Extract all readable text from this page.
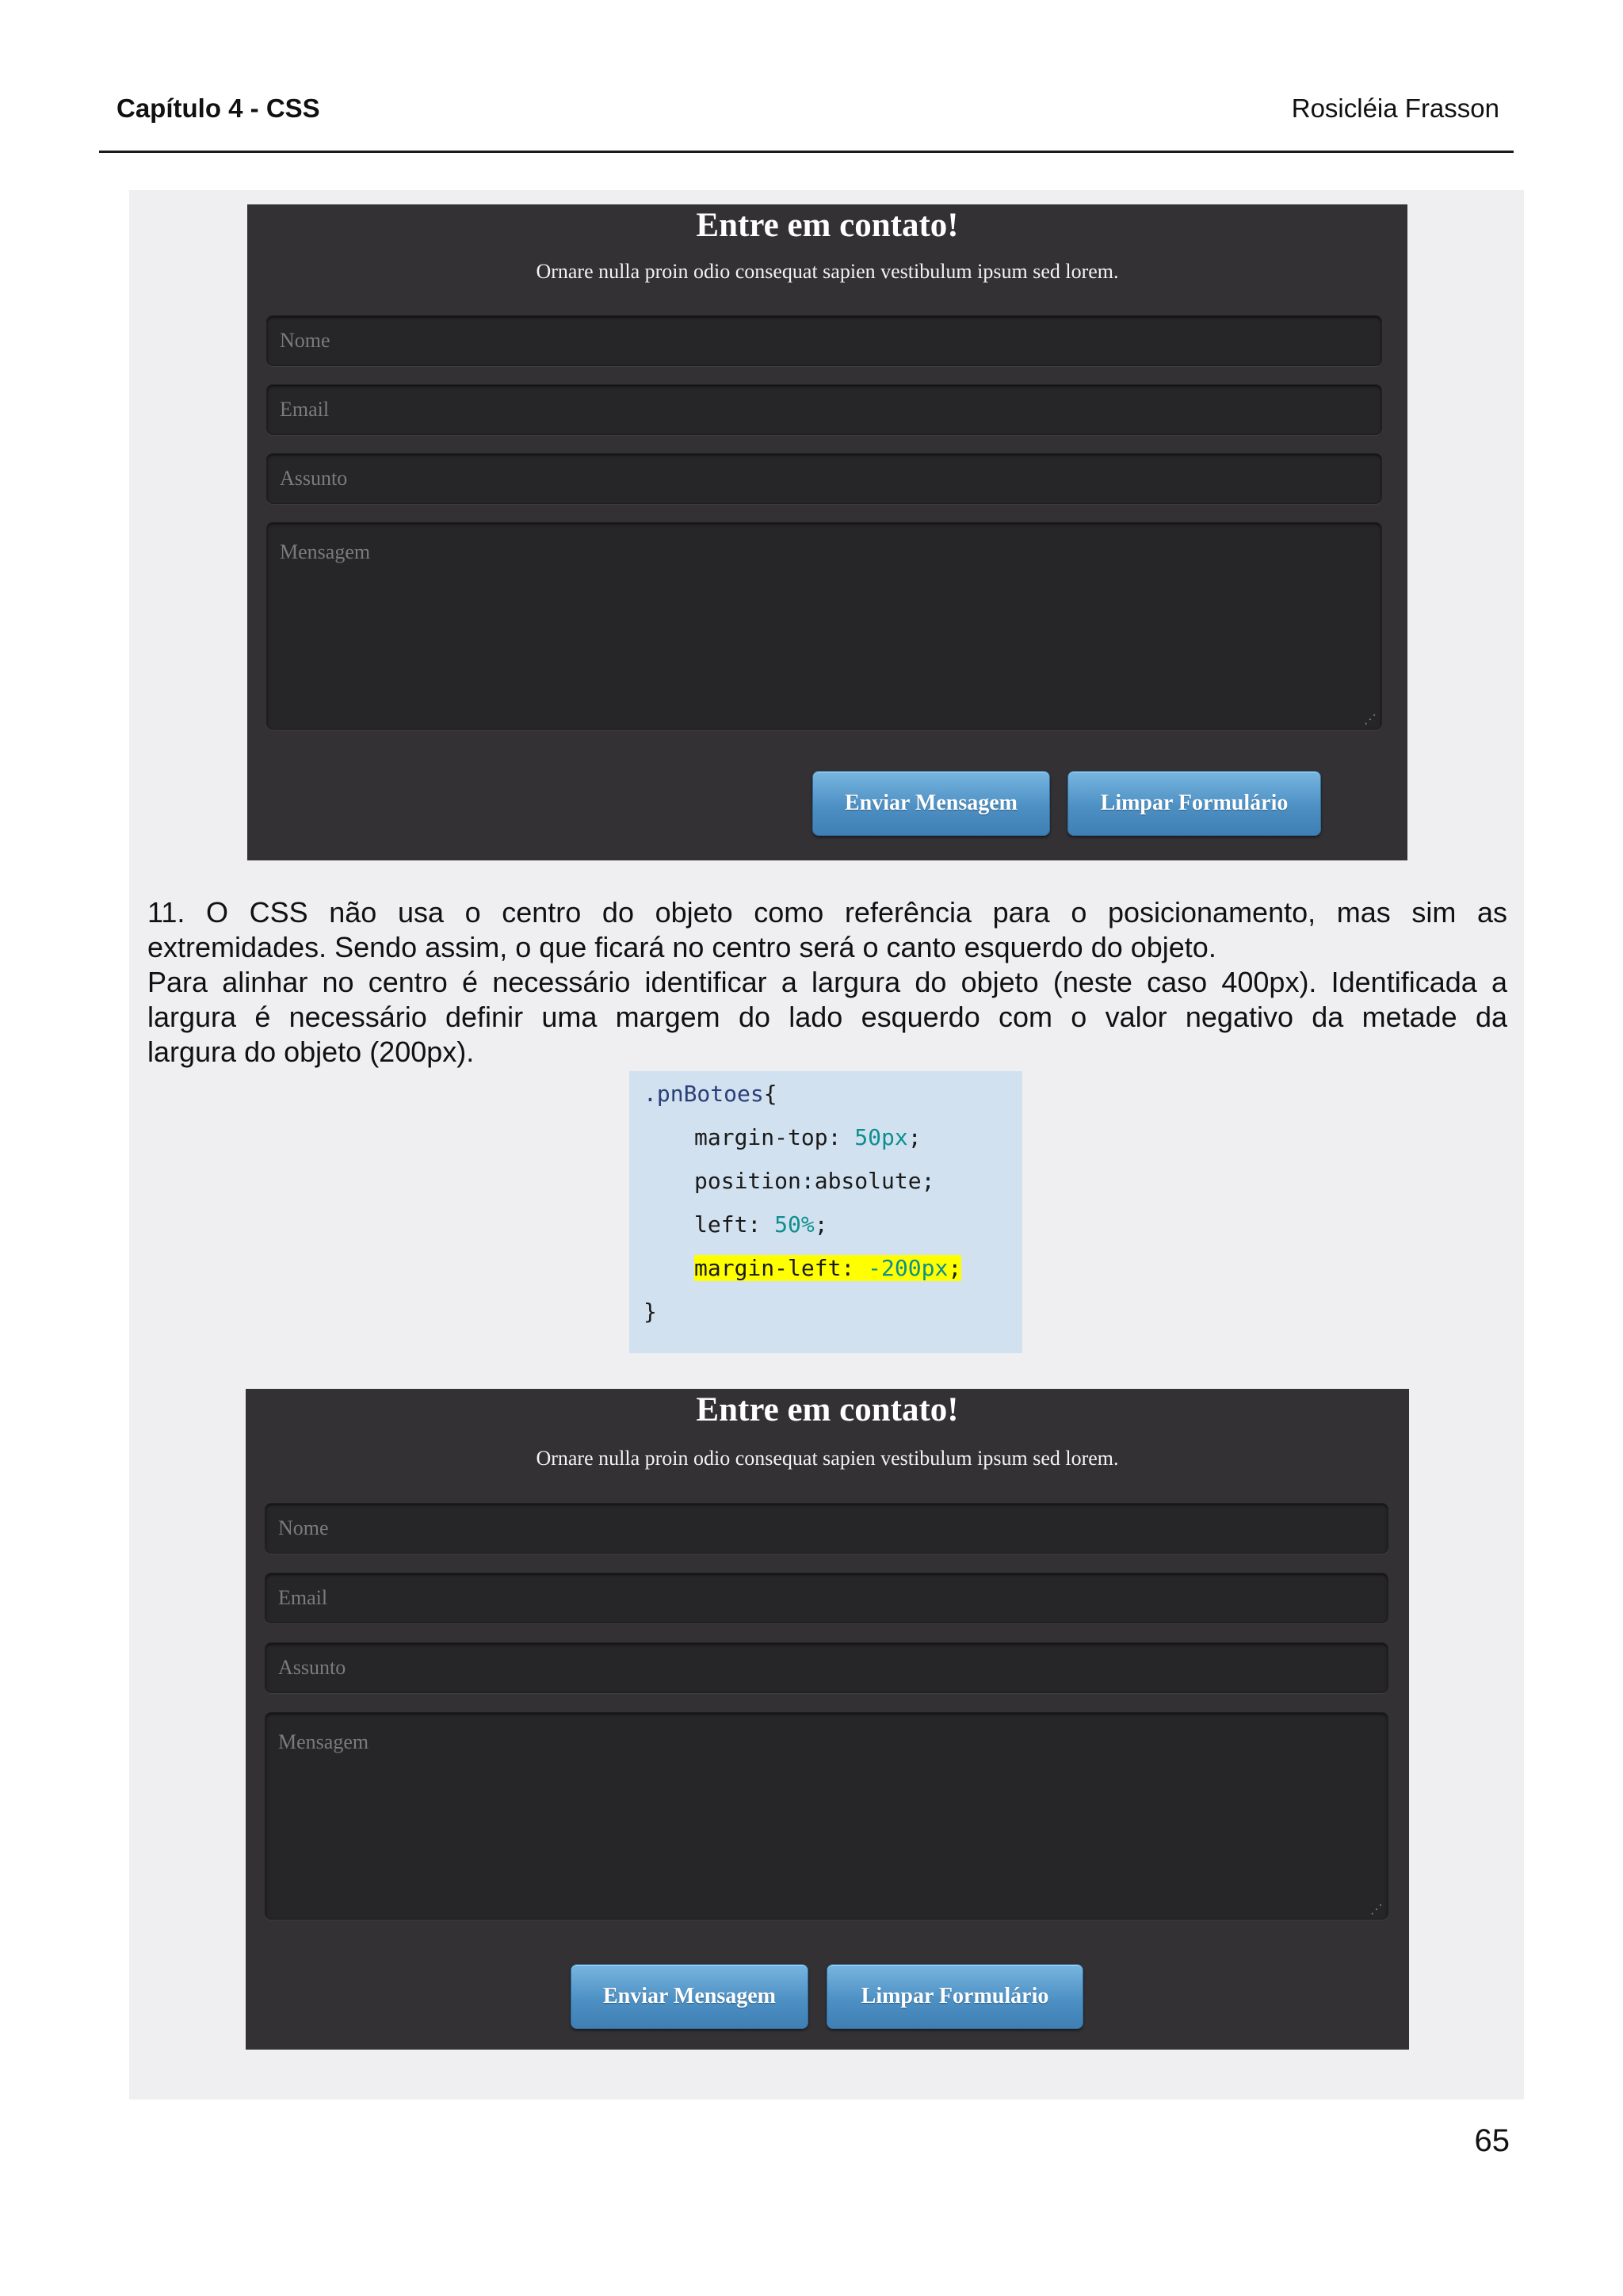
Capítulo 4 - CSS	Rosicléia Frasson
Entre em contato!
Ornare nulla proin odio consequat sapien vestibulum ipsum sed lorem.
Nome
Email
Assunto
Mensagem
⋰
Enviar Mensagem	Limpar Formulário
11. O CSS não usa o centro do objeto como referência para o posicionamento, mas sim as
extremidades. Sendo assim, o que ficará no centro será o canto esquerdo do objeto.
Para alinhar no centro é necessário identificar a largura do objeto (neste caso 400px). Identificada a
largura é necessário definir uma margem do lado esquerdo com o valor negativo da metade da
largura do objeto (200px).
.pnBotoes{
margin-top: 50px;
position:absolute;
left: 50%;
margin-left: -200px;
}
Entre em contato!
Ornare nulla proin odio consequat sapien vestibulum ipsum sed lorem.
Nome
Email
Assunto
Mensagem
⋰
Enviar Mensagem	Limpar Formulário
65
